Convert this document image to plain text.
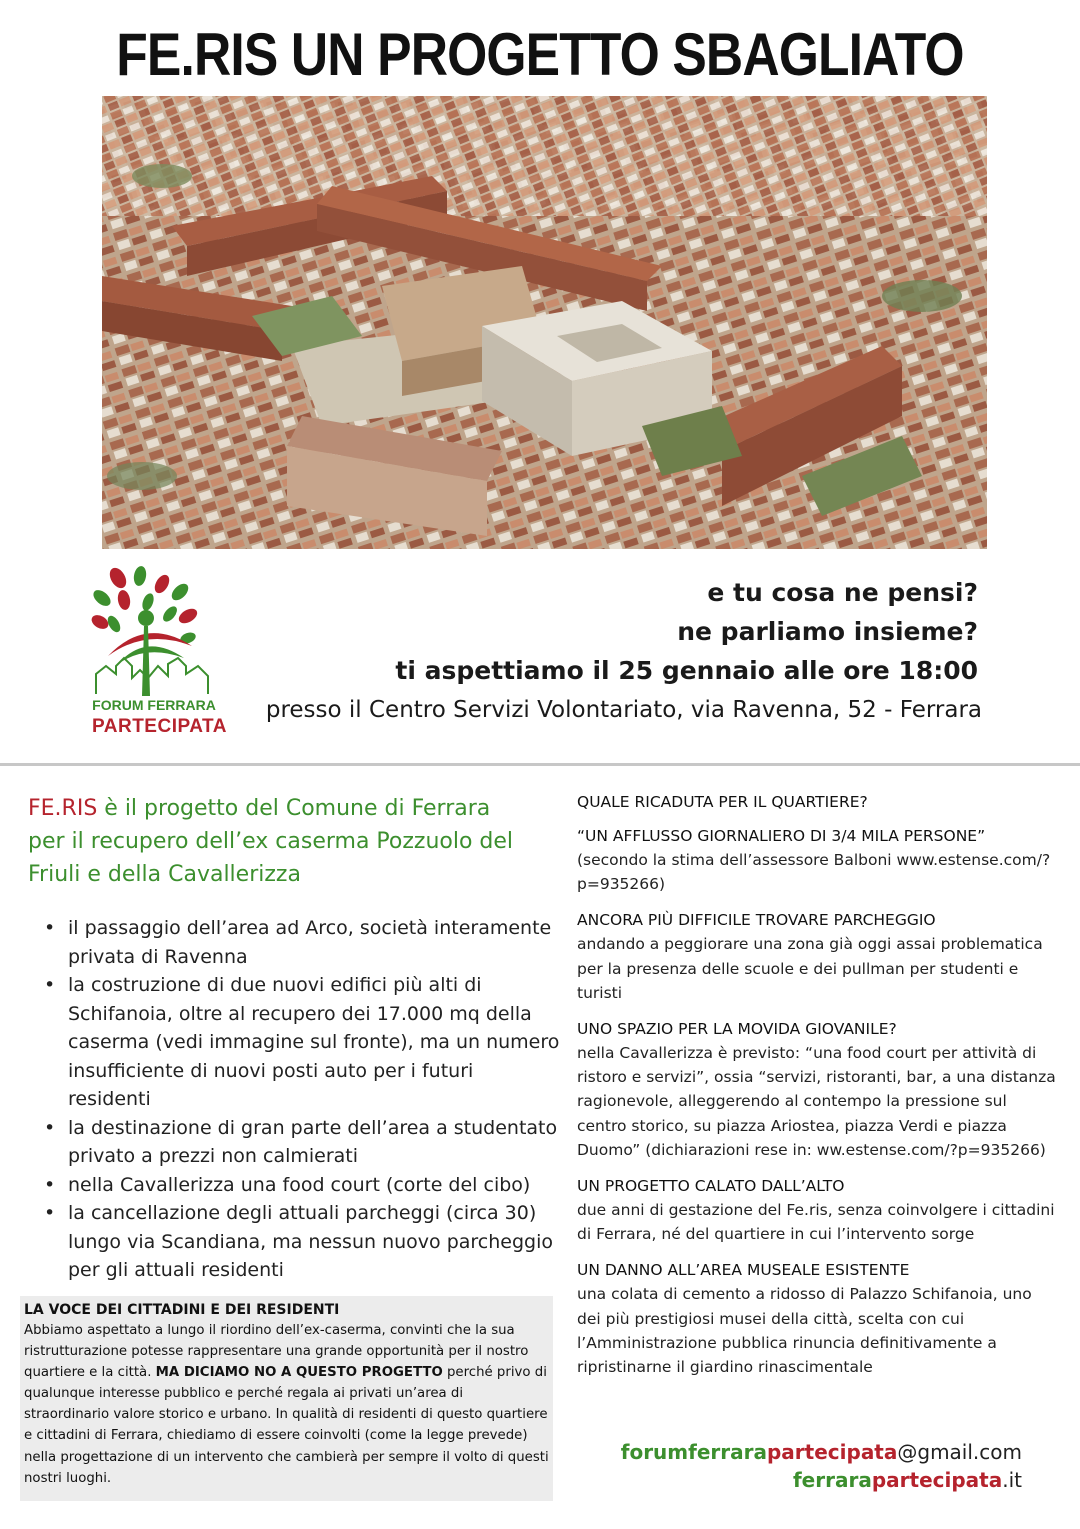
FE.RIS UN PROGETTO SBAGLIATO
FORUM FERRARA
PARTECIPATA
e tu cosa ne pensi?
ne parliamo insieme?
ti aspettiamo il 25 gennaio alle ore 18:00
presso il Centro Servizi Volontariato, via Ravenna, 52 - Ferrara
FE.RIS è il progetto del Comune di Ferrara per il recupero dell’ex caserma Pozzuolo del Friuli e della Cavallerizza
• il passaggio dell’area ad Arco, società interamente privata di Ravenna
• la costruzione di due nuovi edifici più alti di Schifanoia, oltre al recupero dei 17.000 mq della caserma (vedi immagine sul fronte), ma un numero insufficiente di nuovi posti auto per i futuri residenti
• la destinazione di gran parte dell’area a studentato privato a prezzi non calmierati
• nella Cavallerizza una food court (corte del cibo)
• la cancellazione degli attuali parcheggi (circa 30) lungo via Scandiana, ma nessun nuovo parcheggio per gli attuali residenti
LA VOCE DEI CITTADINI E DEI RESIDENTI
Abbiamo aspettato a lungo il riordino dell’ex-caserma, convinti che la sua ristrutturazione potesse rappresentare una grande opportunità per il nostro quartiere e la città. MA DICIAMO NO A QUESTO PROGETTO perché privo di qualunque interesse pubblico e perché regala ai privati un’area di straordinario valore storico e urbano. In qualità di residenti di questo quartiere e cittadini di Ferrara, chiediamo di essere coinvolti (come la legge prevede) nella progettazione di un intervento che cambierà per sempre il volto di questi nostri luoghi.
QUALE RICADUTA PER IL QUARTIERE?
“UN AFFLUSSO GIORNALIERO DI 3/4 MILA PERSONE”
(secondo la stima dell’assessore Balboni www.estense.com/?p=935266)
ANCORA PIÙ DIFFICILE TROVARE PARCHEGGIO
andando a peggiorare una zona già oggi assai problematica per la presenza delle scuole e dei pullman per studenti e turisti
UNO SPAZIO PER LA MOVIDA GIOVANILE?
nella Cavallerizza è previsto: “una food court per attività di ristoro e servizi”, ossia “servizi, ristoranti, bar, a una distanza ragionevole, alleggerendo al contempo la pressione sul centro storico, su piazza Ariostea, piazza Verdi e piazza Duomo” (dichiarazioni rese in: ww.estense.com/?p=935266)
UN PROGETTO CALATO DALL’ALTO
due anni di gestazione del Fe.ris, senza coinvolgere i cittadini di Ferrara, né del quartiere in cui l’intervento sorge
UN DANNO ALL’AREA MUSEALE ESISTENTE
una colata di cemento a ridosso di Palazzo Schifanoia, uno dei più prestigiosi musei della città, scelta con cui l’Amministrazione pubblica rinuncia definitivamente a ripristinarne il giardino rinascimentale
forumferrarapartecipata@gmail.com
ferrarapartecipata.it
